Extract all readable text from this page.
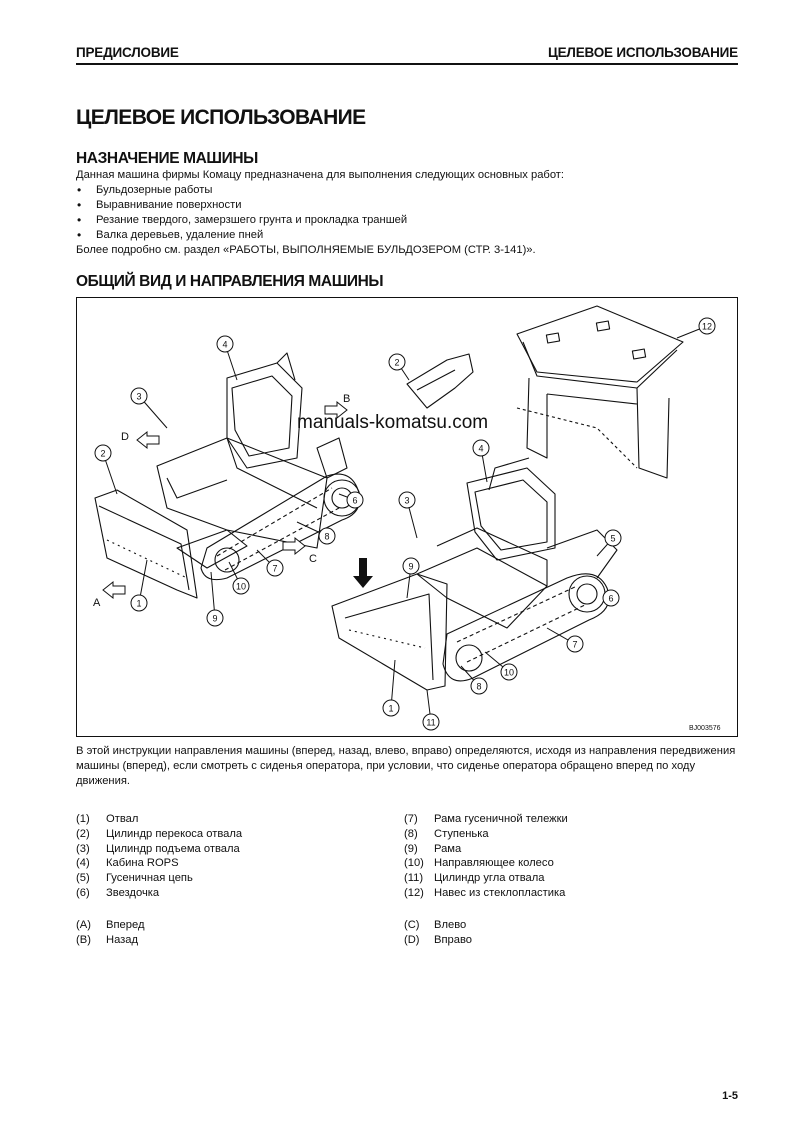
ПРЕДИСЛОВИЕ	ЦЕЛЕВОЕ ИСПОЛЬЗОВАНИЕ
ЦЕЛЕВОЕ ИСПОЛЬЗОВАНИЕ
НАЗНАЧЕНИЕ МАШИНЫ
Данная машина фирмы Комацу предназначена для выполнения следующих основных работ:
• Бульдозерные работы
• Выравнивание поверхности
• Резание твердого, замерзшего грунта и прокладка траншей
• Валка деревьев, удаление пней
Более подробно см. раздел «РАБОТЫ, ВЫПОЛНЯЕМЫЕ БУЛЬДОЗЕРОМ (СТР. 3-141)».
ОБЩИЙ ВИД И НАПРАВЛЕНИЯ МАШИНЫ
manuals-komatsu.com
A
B
C
D
Z
1
2
3
4
6
8
7
9
10
2
12
3
4
5
6
7
8
1
10
9
11
BJ003576
В этой инструкции направления машины (вперед, назад, влево, вправо) определяются, исходя из направления передвижения машины (вперед), если смотреть с сиденья оператора, при условии, что сиденье оператора обращено вперед по ходу движения.
(1)	Отвал
(2)	Цилиндр перекоса отвала
(3)	Цилиндр подъема отвала
(4)	Кабина ROPS
(5)	Гусеничная цепь
(6)	Звездочка
(7)	Рама гусеничной тележки
(8)	Ступенька
(9)	Рама
(10) Направляющее колесо
(11) Цилиндр угла отвала
(12) Навес из стеклопластика
(A)	Вперед
(B)	Назад
(C)	Влево
(D)	Вправо
1-5
